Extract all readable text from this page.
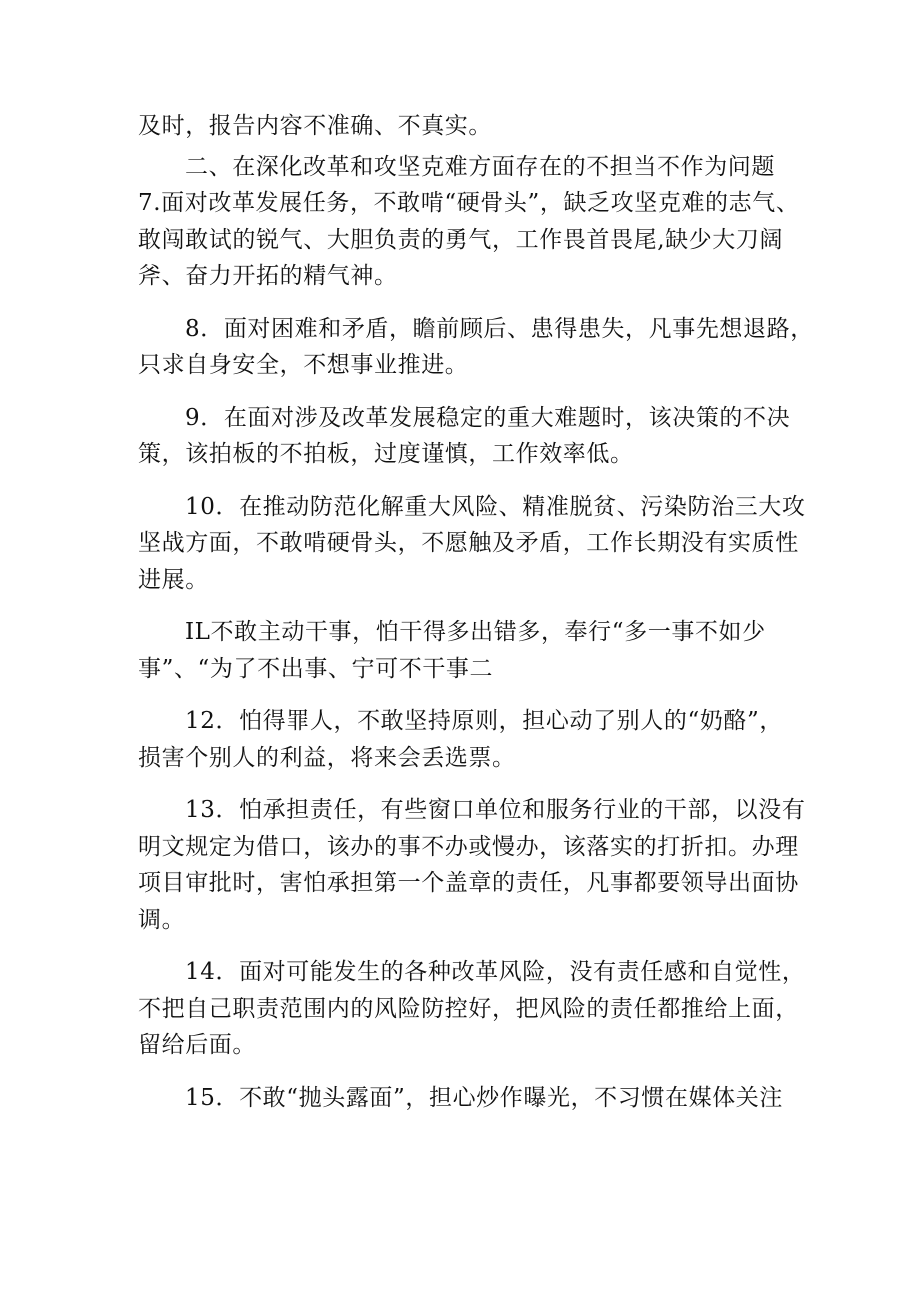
及时，报告内容不准确、不真实。
二、在深化改革和攻坚克难方面存在的不担当不作为问题
7.面对改革发展任务，不敢啃“硬骨头”，缺乏攻坚克难的志气、
敢闯敢试的锐气、大胆负责的勇气，工作畏首畏尾,缺少大刀阔
斧、奋力开拓的精气神。
8．面对困难和矛盾，瞻前顾后、患得患失，凡事先想退路，
只求自身安全，不想事业推进。
9．在面对涉及改革发展稳定的重大难题时，该决策的不决
策，该拍板的不拍板，过度谨慎，工作效率低。
10．在推动防范化解重大风险、精准脱贫、污染防治三大攻
坚战方面，不敢啃硬骨头，不愿触及矛盾，工作长期没有实质性
进展。
IL不敢主动干事，怕干得多出错多，奉行“多一事不如少
事”、“为了不出事、宁可不干事二
12．怕得罪人，不敢坚持原则，担心动了别人的“奶酪”，
损害个别人的利益，将来会丢选票。
13．怕承担责任，有些窗口单位和服务行业的干部，以没有
明文规定为借口，该办的事不办或慢办，该落实的打折扣。办理
项目审批时，害怕承担第一个盖章的责任，凡事都要领导出面协
调。
14．面对可能发生的各种改革风险，没有责任感和自觉性，
不把自己职责范围内的风险防控好，把风险的责任都推给上面，
留给后面。
15．不敢“抛头露面”，担心炒作曝光，不习惯在媒体关注
